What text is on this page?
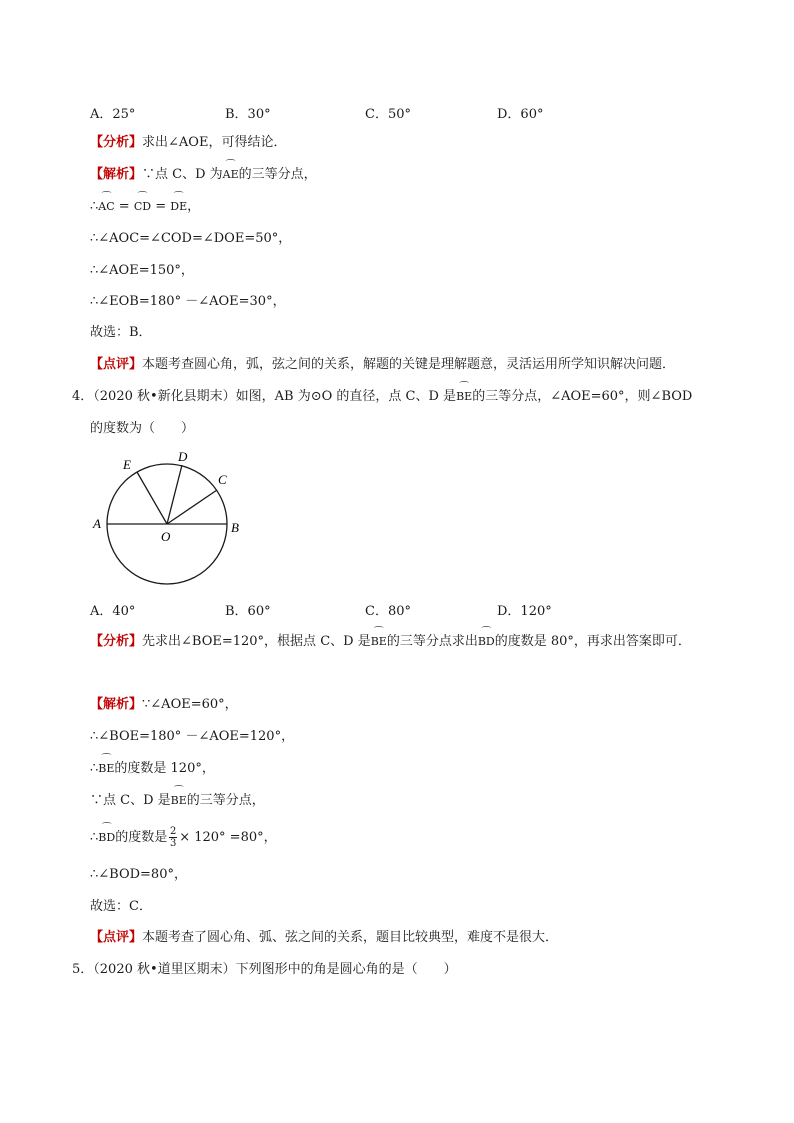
A．25°	B．30°	C．50°	D．60°
【分析】求出∠AOE，可得结论．
【解析】∵点 C、D 为⌒ AE的三等分点，
∴⌒ AC = ⌒ CD = ⌒ DE，
∴∠AOC=∠COD=∠DOE=50°，
∴∠AOE=150°，
∴∠EOB=180° －∠AOE=30°，
故选：B．
【点评】本题考查圆心角，弧，弦之间的关系，解题的关键是理解题意，灵活运用所学知识解决问题．
4．（2020 秋•新化县期末）如图，AB 为⊙O 的直径，点 C、D 是⌒ BE的三等分点，∠AOE=60°，则∠BOD
的度数为（　　）
A	B
C
D
E
O
A．40°	B．60°	C．80°	D．120°
【分析】先求出∠BOE=120°，根据点 C、D 是⌒ BE的三等分点求出⌒ BD的度数是 80°，再求出答案即可．
【解析】∵∠AOE=60°，
∴∠BOE=180° －∠AOE=120°，
∴⌒ BE的度数是 120°，
∵点 C、D 是⌒ BE的三等分点，
∴⌒ BD的度数是 $\frac{2}{3} \times 120^\circ =80^\circ$，
∴∠BOD=80°，
故选：C．
【点评】本题考查了圆心角、弧、弦之间的关系，题目比较典型，难度不是很大．
5．（2020 秋•道里区期末）下列图形中的角是圆心角的是（　　）
